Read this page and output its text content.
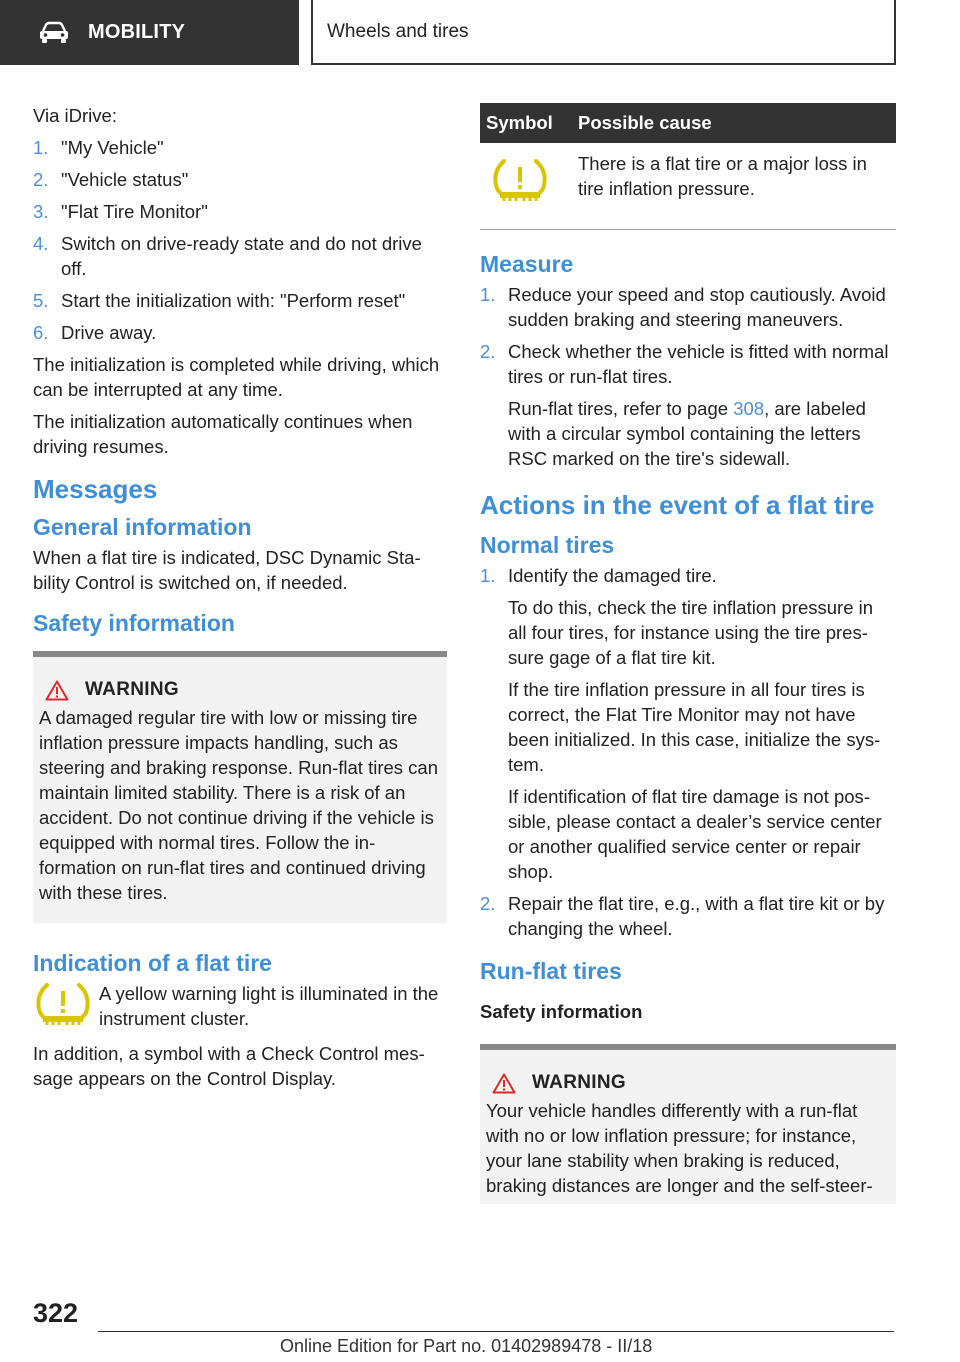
MOBILITY	Wheels and tires

Via iDrive:

1. "My Vehicle"
2. "Vehicle status"
3. "Flat Tire Monitor"
4. Switch on drive-ready state and do not drive off.
5. Start the initialization with: "Perform reset"
6. Drive away.

The initialization is completed while driving, which can be interrupted at any time.

The initialization automatically continues when driving resumes.

Messages
General information

When a flat tire is indicated, DSC Dynamic Stability Control is switched on, if needed.

Safety information
WARNING

A damaged regular tire with low or missing tire inflation pressure impacts handling, such as steering and braking response. Run-flat tires can maintain limited stability. There is a risk of an accident. Do not continue driving if the vehicle is equipped with normal tires. Follow the information on run-flat tires and continued driving with these tires.

Indication of a flat tire

A yellow warning light is illuminated in the instrument cluster.

In addition, a symbol with a Check Control message appears on the Control Display.

Symbol	Possible cause
	There is a flat tire or a major loss in tire inflation pressure.
Measure
1. Reduce your speed and stop cautiously. Avoid sudden braking and steering maneuvers.
2. Check whether the vehicle is fitted with normal tires or run-flat tires.
Run-flat tires, refer to page 308, are labeled with a circular symbol containing the letters RSC marked on the tire's sidewall.
Actions in the event of a flat tire
Normal tires
1. Identify the damaged tire.
To do this, check the tire inflation pressure in all four tires, for instance using the tire pressure gage of a flat tire kit.
If the tire inflation pressure in all four tires is correct, the Flat Tire Monitor may not have been initialized. In this case, initialize the system.
If identification of flat tire damage is not possible, please contact a dealer’s service center or another qualified service center or repair shop.
2. Repair the flat tire, e.g., with a flat tire kit or by changing the wheel.
Run-flat tires
Safety information
WARNING

Your vehicle handles differently with a run-flat with no or low inflation pressure; for instance, your lane stability when braking is reduced, braking distances are longer and the self-steer-

322
Online Edition for Part no. 01402989478 - II/18
